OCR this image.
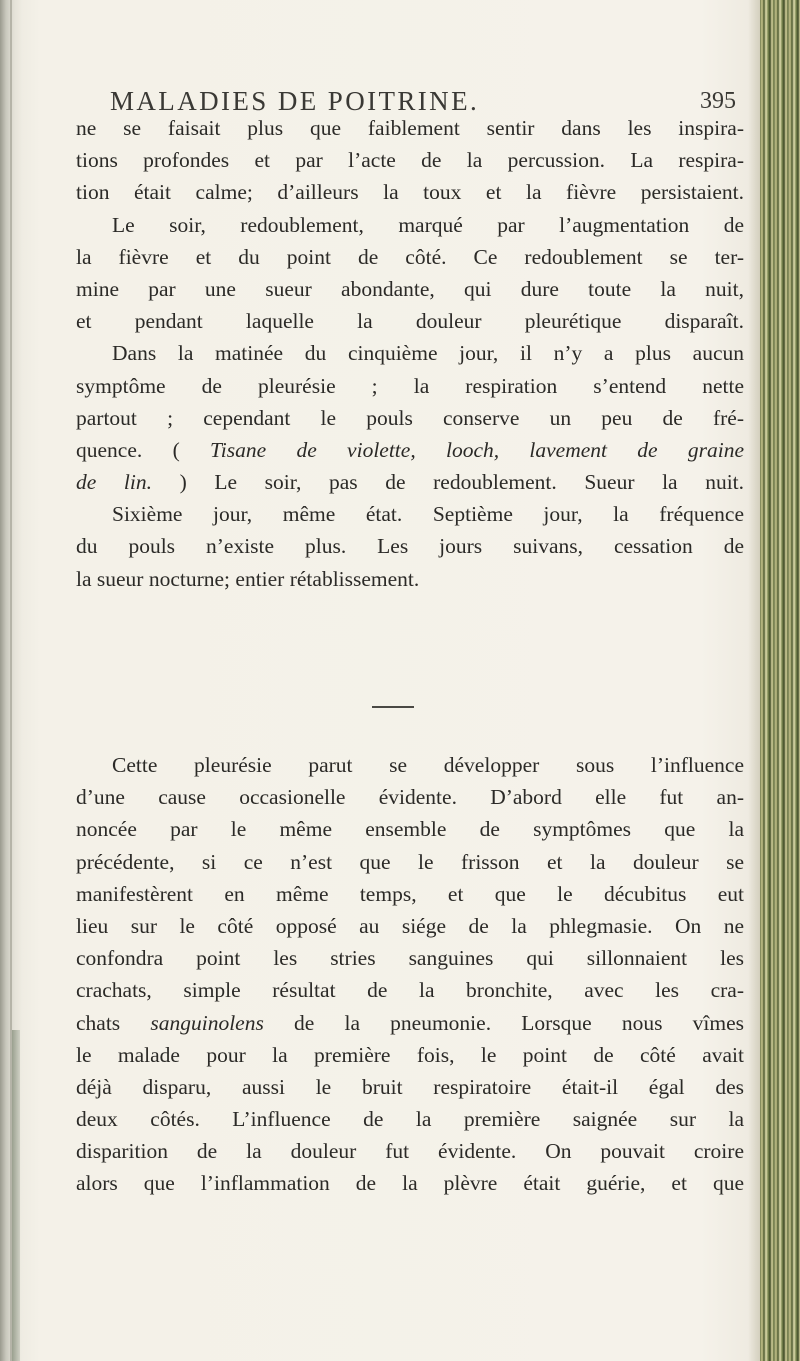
MALADIES DE POITRINE.	395
ne se faisait plus que faiblement sentir dans les inspira-
tions profondes et par l’acte de la percussion. La respira-
tion était calme; d’ailleurs la toux et la fièvre persistaient.
Le soir, redoublement, marqué par l’augmentation de
la fièvre et du point de côté. Ce redoublement se ter-
mine par une sueur abondante, qui dure toute la nuit,
et pendant laquelle la douleur pleurétique disparaît.
Dans la matinée du cinquième jour, il n’y a plus aucun
symptôme de pleurésie ; la respiration s’entend nette
partout ; cependant le pouls conserve un peu de fré-
quence. ( Tisane de violette, looch, lavement de graine
de lin. ) Le soir, pas de redoublement. Sueur la nuit.
Sixième jour, même état. Septième jour, la fréquence
du pouls n’existe plus. Les jours suivans, cessation de
la sueur nocturne; entier rétablissement.
Cette pleurésie parut se développer sous l’influence
d’une cause occasionelle évidente. D’abord elle fut an-
noncée par le même ensemble de symptômes que la
précédente, si ce n’est que le frisson et la douleur se
manifestèrent en même temps, et que le décubitus eut
lieu sur le côté opposé au siége de la phlegmasie. On ne
confondra point les stries sanguines qui sillonnaient les
crachats, simple résultat de la bronchite, avec les cra-
chats sanguinolens de la pneumonie. Lorsque nous vîmes
le malade pour la première fois, le point de côté avait
déjà disparu, aussi le bruit respiratoire était-il égal des
deux côtés. L’influence de la première saignée sur la
disparition de la douleur fut évidente. On pouvait croire
alors que l’inflammation de la plèvre était guérie, et que
